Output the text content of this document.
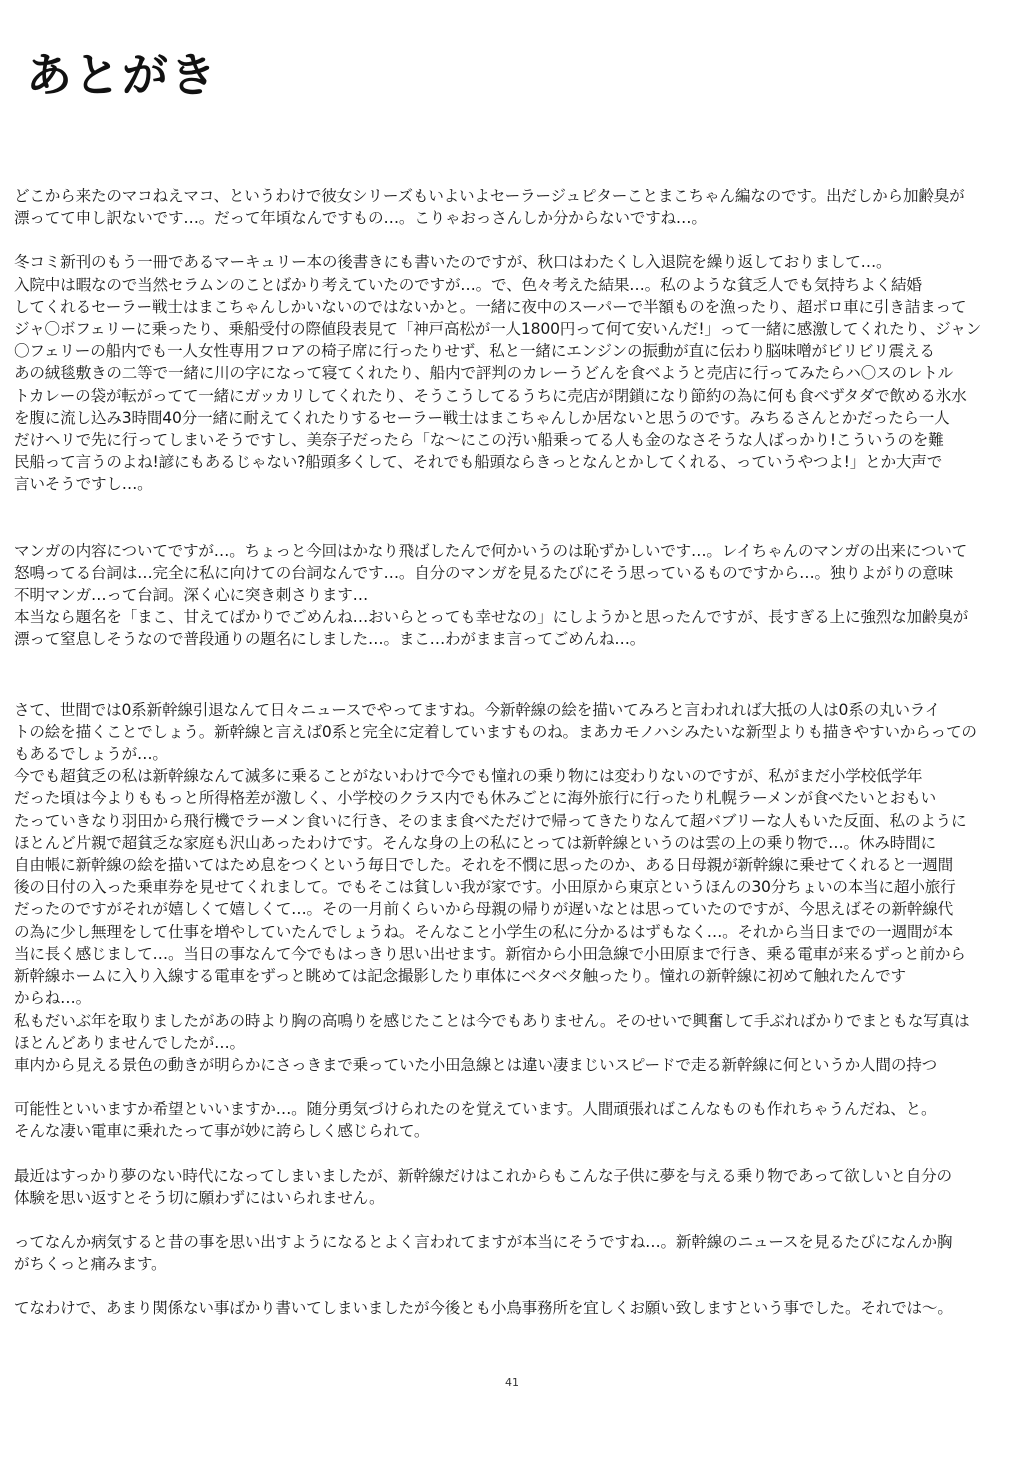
あとがき

どこから来たのマコねえマコ、というわけで彼女シリーズもいよいよセーラージュピターことまこちゃん編なのです。出だしから加齢臭が
漂ってて申し訳ないです…。だって年頃なんですもの…。こりゃおっさんしか分からないですね…。

冬コミ新刊のもう一冊であるマーキュリー本の後書きにも書いたのですが、秋口はわたくし入退院を繰り返しておりまして…。
入院中は暇なので当然セラムンのことばかり考えていたのですが…。で、色々考えた結果…。私のような貧乏人でも気持ちよく結婚
してくれるセーラー戦士はまこちゃんしかいないのではないかと。一緒に夜中のスーパーで半額ものを漁ったり、超ボロ車に引き詰まって
ジャ〇ボフェリーに乗ったり、乗船受付の際値段表見て「神戸高松が一人1800円って何て安いんだ!」って一緒に感激してくれたり、ジャン
〇フェリーの船内でも一人女性専用フロアの椅子席に行ったりせず、私と一緒にエンジンの振動が直に伝わり脳味噌がビリビリ震える
あの絨毯敷きの二等で一緒に川の字になって寝てくれたり、船内で評判のカレーうどんを食べようと売店に行ってみたらハ〇スのレトル
トカレーの袋が転がってて一緒にガッカリしてくれたり、そうこうしてるうちに売店が閉鎖になり節約の為に何も食べずタダで飲める氷水
を腹に流し込み3時間40分一緒に耐えてくれたりするセーラー戦士はまこちゃんしか居ないと思うのです。みちるさんとかだったら一人
だけヘリで先に行ってしまいそうですし、美奈子だったら「な〜にこの汚い船乗ってる人も金のなさそうな人ばっかり!こういうのを難
民船って言うのよね!諺にもあるじゃない?船頭多くして、それでも船頭ならきっとなんとかしてくれる、っていうやつよ!」とか大声で
言いそうですし…。

マンガの内容についてですが…。ちょっと今回はかなり飛ばしたんで何かいうのは恥ずかしいです…。レイちゃんのマンガの出来について
怒鳴ってる台詞は…完全に私に向けての台詞なんです…。自分のマンガを見るたびにそう思っているものですから…。独りよがりの意味
不明マンガ…って台詞。深く心に突き刺さります…
本当なら題名を「まこ、甘えてばかりでごめんね…おいらとっても幸せなの」にしようかと思ったんですが、長すぎる上に強烈な加齢臭が
漂って窒息しそうなので普段通りの題名にしました…。まこ…わがまま言ってごめんね…。

さて、世間では0系新幹線引退なんて日々ニュースでやってますね。今新幹線の絵を描いてみろと言われれば大抵の人は0系の丸いライ
トの絵を描くことでしょう。新幹線と言えば0系と完全に定着していますものね。まあカモノハシみたいな新型よりも描きやすいからっての
もあるでしょうが…。
今でも超貧乏の私は新幹線なんて滅多に乗ることがないわけで今でも憧れの乗り物には変わりないのですが、私がまだ小学校低学年
だった頃は今よりももっと所得格差が激しく、小学校のクラス内でも休みごとに海外旅行に行ったり札幌ラーメンが食べたいとおもい
たっていきなり羽田から飛行機でラーメン食いに行き、そのまま食べただけで帰ってきたりなんて超バブリーな人もいた反面、私のように
ほとんど片親で超貧乏な家庭も沢山あったわけです。そんな身の上の私にとっては新幹線というのは雲の上の乗り物で…。休み時間に
自由帳に新幹線の絵を描いてはため息をつくという毎日でした。それを不憫に思ったのか、ある日母親が新幹線に乗せてくれると一週間
後の日付の入った乗車券を見せてくれまして。でもそこは貧しい我が家です。小田原から東京というほんの30分ちょいの本当に超小旅行
だったのですがそれが嬉しくて嬉しくて…。その一月前くらいから母親の帰りが遅いなとは思っていたのですが、今思えばその新幹線代
の為に少し無理をして仕事を増やしていたんでしょうね。そんなこと小学生の私に分かるはずもなく…。それから当日までの一週間が本
当に長く感じまして…。当日の事なんて今でもはっきり思い出せます。新宿から小田急線で小田原まで行き、乗る電車が来るずっと前から
新幹線ホームに入り入線する電車をずっと眺めては記念撮影したり車体にベタベタ触ったり。憧れの新幹線に初めて触れたんです
からね…。
私もだいぶ年を取りましたがあの時より胸の高鳴りを感じたことは今でもありません。そのせいで興奮して手ぶればかりでまともな写真は
ほとんどありませんでしたが…。
車内から見える景色の動きが明らかにさっきまで乗っていた小田急線とは違い凄まじいスピードで走る新幹線に何というか人間の持つ

可能性といいますか希望といいますか…。随分勇気づけられたのを覚えています。人間頑張ればこんなものも作れちゃうんだね、と。
そんな凄い電車に乗れたって事が妙に誇らしく感じられて。

最近はすっかり夢のない時代になってしまいましたが、新幹線だけはこれからもこんな子供に夢を与える乗り物であって欲しいと自分の
体験を思い返すとそう切に願わずにはいられません。

ってなんか病気すると昔の事を思い出すようになるとよく言われてますが本当にそうですね…。新幹線のニュースを見るたびになんか胸
がちくっと痛みます。

てなわけで、あまり関係ない事ばかり書いてしまいましたが今後とも小鳥事務所を宜しくお願い致しますという事でした。それでは〜。

41
